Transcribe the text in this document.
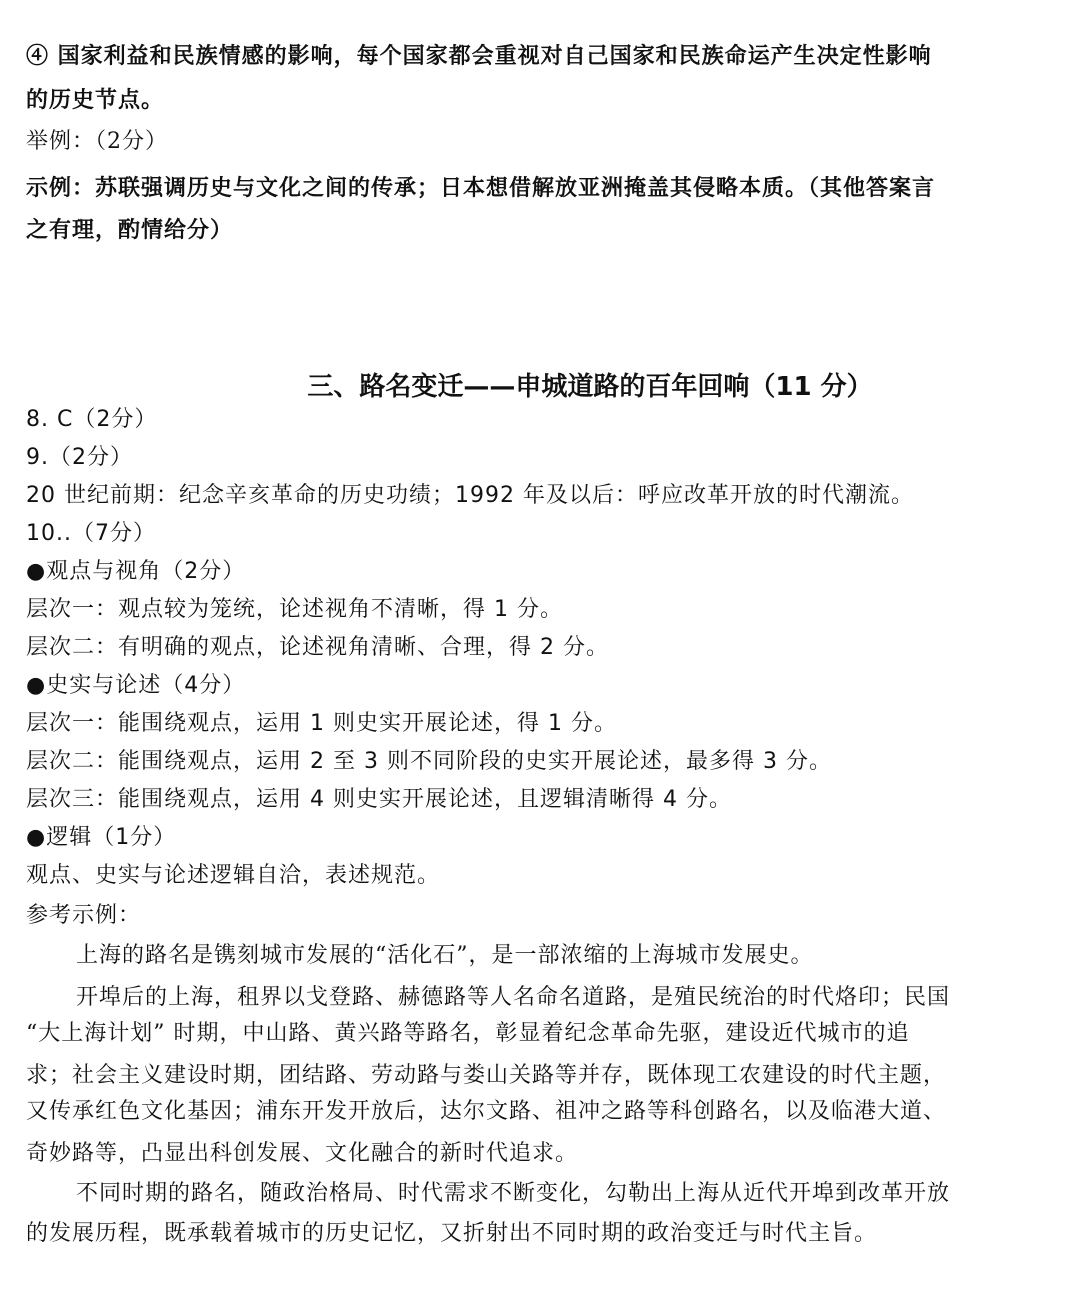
④ 国家利益和民族情感的影响，每个国家都会重视对自己国家和民族命运产生决定性影响
的历史节点。
举例：（2分）
示例：苏联强调历史与文化之间的传承；日本想借解放亚洲掩盖其侵略本质。（其他答案言
之有理，酌情给分）
三、路名变迁——申城道路的百年回响（11 分）
8. C（2分）
9.（2分）
20 世纪前期：纪念辛亥革命的历史功绩；1992 年及以后：呼应改革开放的时代潮流。
10..（7分）
●观点与视角（2分）
层次一：观点较为笼统，论述视角不清晰，得 1 分。
层次二：有明确的观点，论述视角清晰、合理，得 2 分。
●史实与论述（4分）
层次一：能围绕观点，运用 1 则史实开展论述，得 1 分。
层次二：能围绕观点，运用 2 至 3 则不同阶段的史实开展论述，最多得 3 分。
层次三：能围绕观点，运用 4 则史实开展论述，且逻辑清晰得 4 分。
●逻辑（1分）
观点、史实与论述逻辑自洽，表述规范。
参考示例：
上海的路名是镌刻城市发展的“活化石”，是一部浓缩的上海城市发展史。
开埠后的上海，租界以戈登路、赫德路等人名命名道路，是殖民统治的时代烙印；民国
“大上海计划” 时期，中山路、黄兴路等路名，彰显着纪念革命先驱，建设近代城市的追
求；社会主义建设时期，团结路、劳动路与娄山关路等并存，既体现工农建设的时代主题，
又传承红色文化基因；浦东开发开放后，达尔文路、祖冲之路等科创路名，以及临港大道、
奇妙路等，凸显出科创发展、文化融合的新时代追求。
不同时期的路名，随政治格局、时代需求不断变化，勾勒出上海从近代开埠到改革开放
的发展历程，既承载着城市的历史记忆，又折射出不同时期的政治变迁与时代主旨。
